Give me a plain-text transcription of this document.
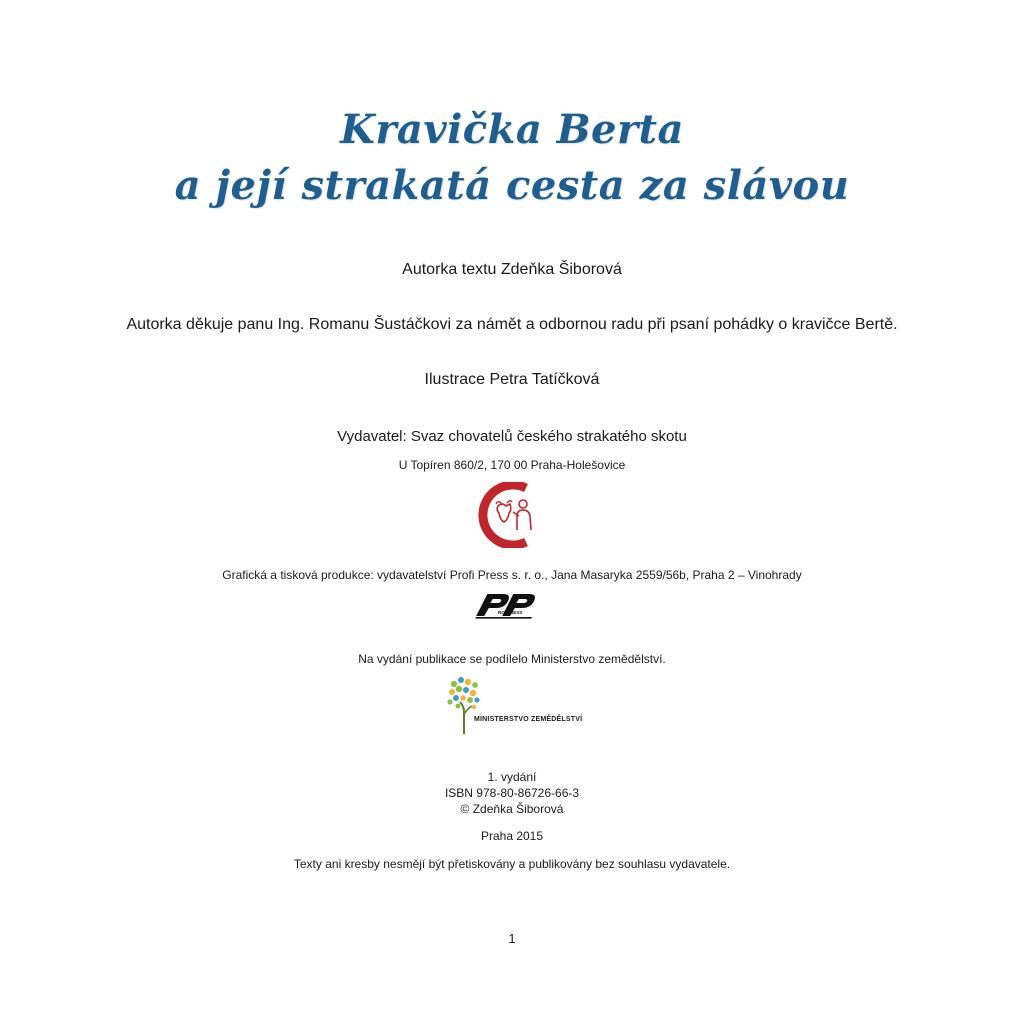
Kravička Berta
a její strakatá cesta za slávou
Autorka textu Zdeňka Šiborová
Autorka děkuje panu Ing. Romanu Šustáčkovi za námět a odbornou radu při psaní pohádky o kravičce Bertě.
Ilustrace Petra Tatíčková
Vydavatel: Svaz chovatelů českého strakatého skotu
U Topíren 860/2, 170 00 Praha-Holešovice
Grafická a tisková produkce: vydavatelství Profi Press s. r. o., Jana Masaryka 2559/56b, Praha 2 – Vinohrady
ROFI RESS
Na vydání publikace se podílelo Ministerstvo zemědělství.
MINISTERSTVO ZEMĚDĚLSTVÍ
1. vydání
ISBN 978-80-86726-66-3
© Zdeňka Šiborová
Praha 2015
Texty ani kresby nesmějí být přetiskovány a publikovány bez souhlasu vydavatele.
1
